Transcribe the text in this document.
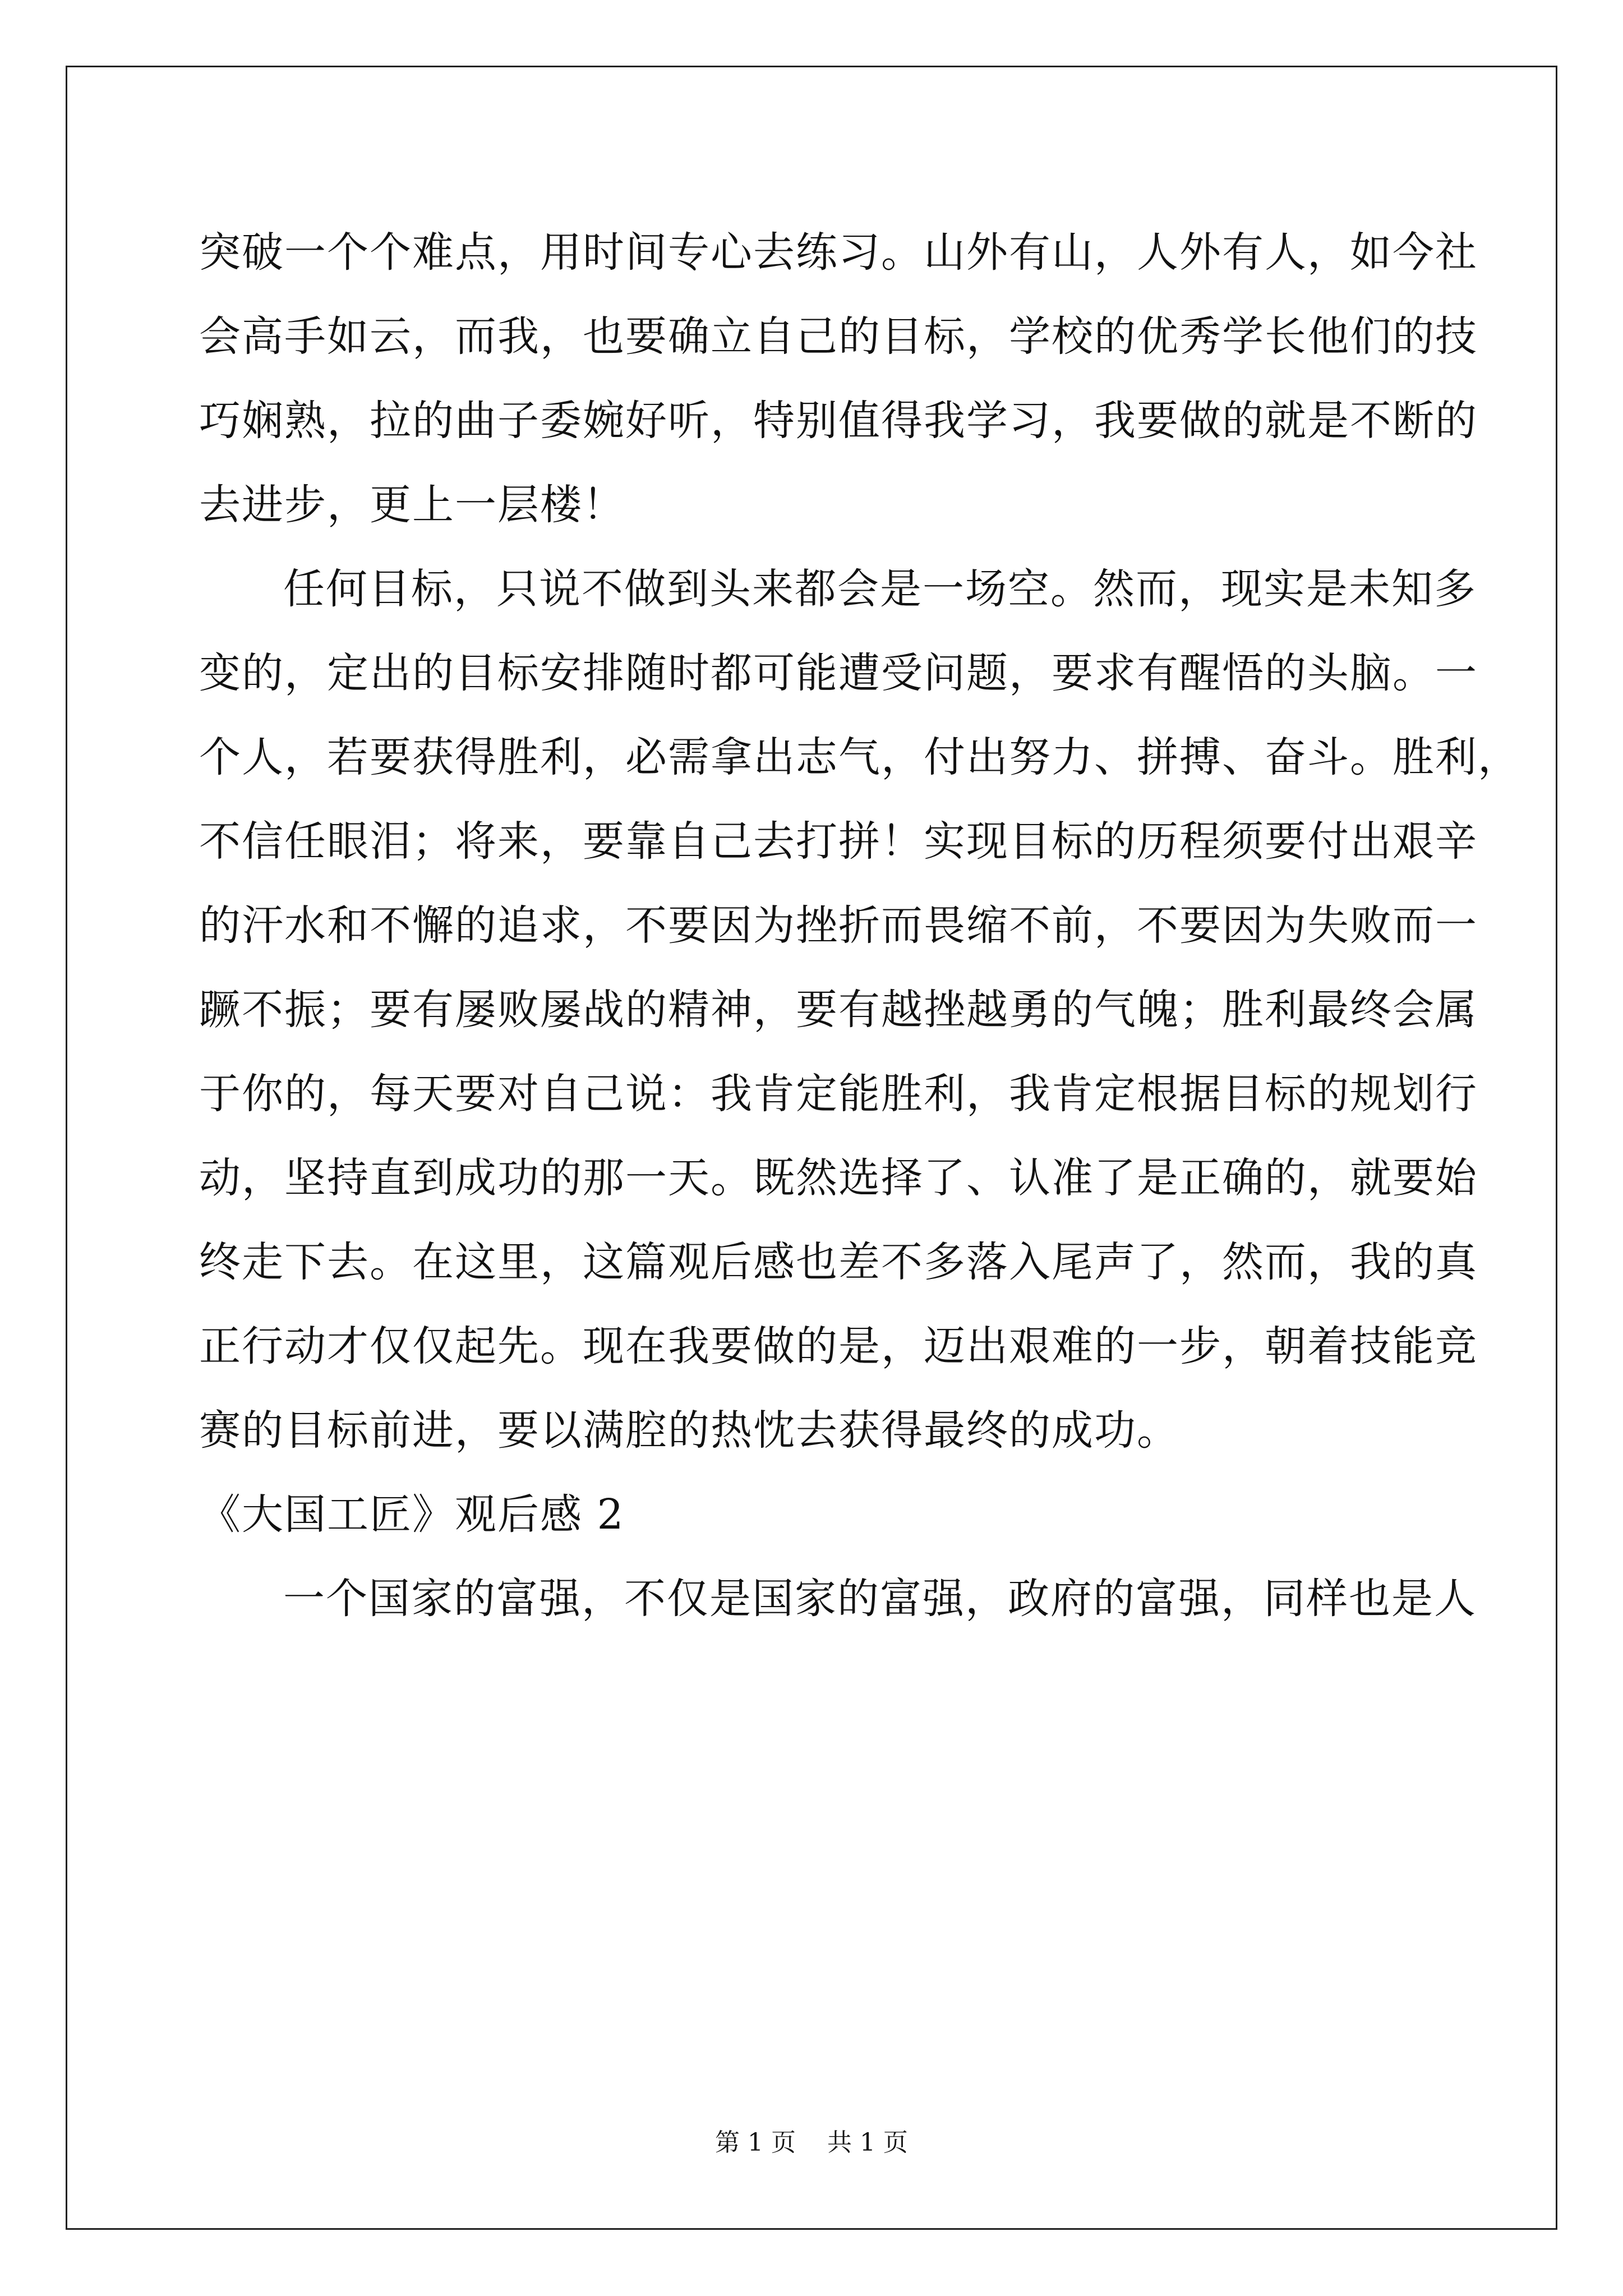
突破一个个难点，用时间专心去练习。山外有山，人外有人，如今社
会高手如云，而我，也要确立自己的目标，学校的优秀学长他们的技
巧娴熟，拉的曲子委婉好听，特别值得我学习，我要做的就是不断的
去进步，更上一层楼！
任何目标，只说不做到头来都会是一场空。然而，现实是未知多
变的，定出的目标安排随时都可能遭受问题，要求有醒悟的头脑。一
个人，若要获得胜利，必需拿出志气，付出努力、拼搏、奋斗。胜利，
不信任眼泪；将来，要靠自己去打拼！实现目标的历程须要付出艰辛
的汗水和不懈的追求，不要因为挫折而畏缩不前，不要因为失败而一
蹶不振；要有屡败屡战的精神，要有越挫越勇的气魄；胜利最终会属
于你的，每天要对自己说：我肯定能胜利，我肯定根据目标的规划行
动，坚持直到成功的那一天。既然选择了、认准了是正确的，就要始
终走下去。在这里，这篇观后感也差不多落入尾声了，然而，我的真
正行动才仅仅起先。现在我要做的是，迈出艰难的一步，朝着技能竞
赛的目标前进，要以满腔的热忱去获得最终的成功。
《大国工匠》观后感 2
一个国家的富强，不仅是国家的富强，政府的富强，同样也是人
第 1 页    共 1 页
